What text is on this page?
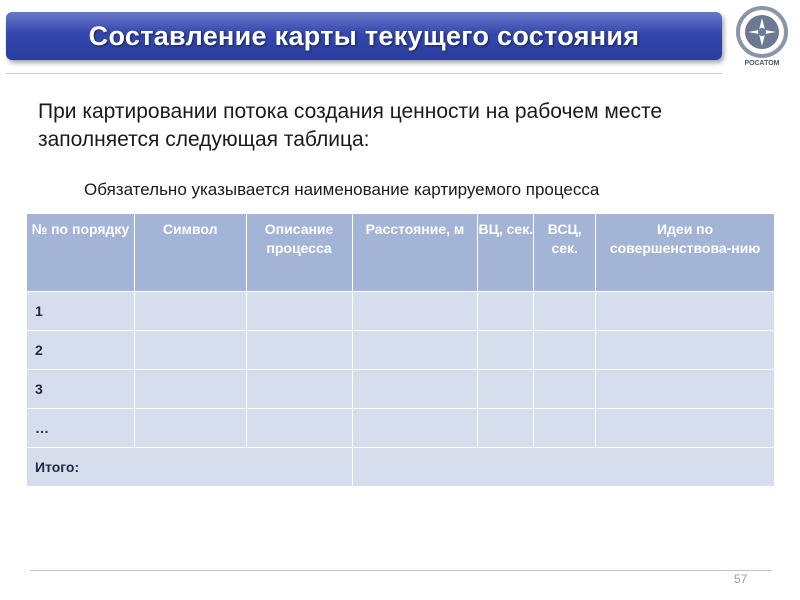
Составление карты текущего состояния
РОСАТОМ
При картировании потока создания ценности на рабочем месте заполняется следующая таблица:
Обязательно указывается наименование картируемого процесса
№ по порядку	Символ	Описание процесса	Расстояние, м	ВЦ, сек.	ВСЦ, сек.	Идеи по совершенствова-нию
1						
2						
3						
…						
Итого:						
57
